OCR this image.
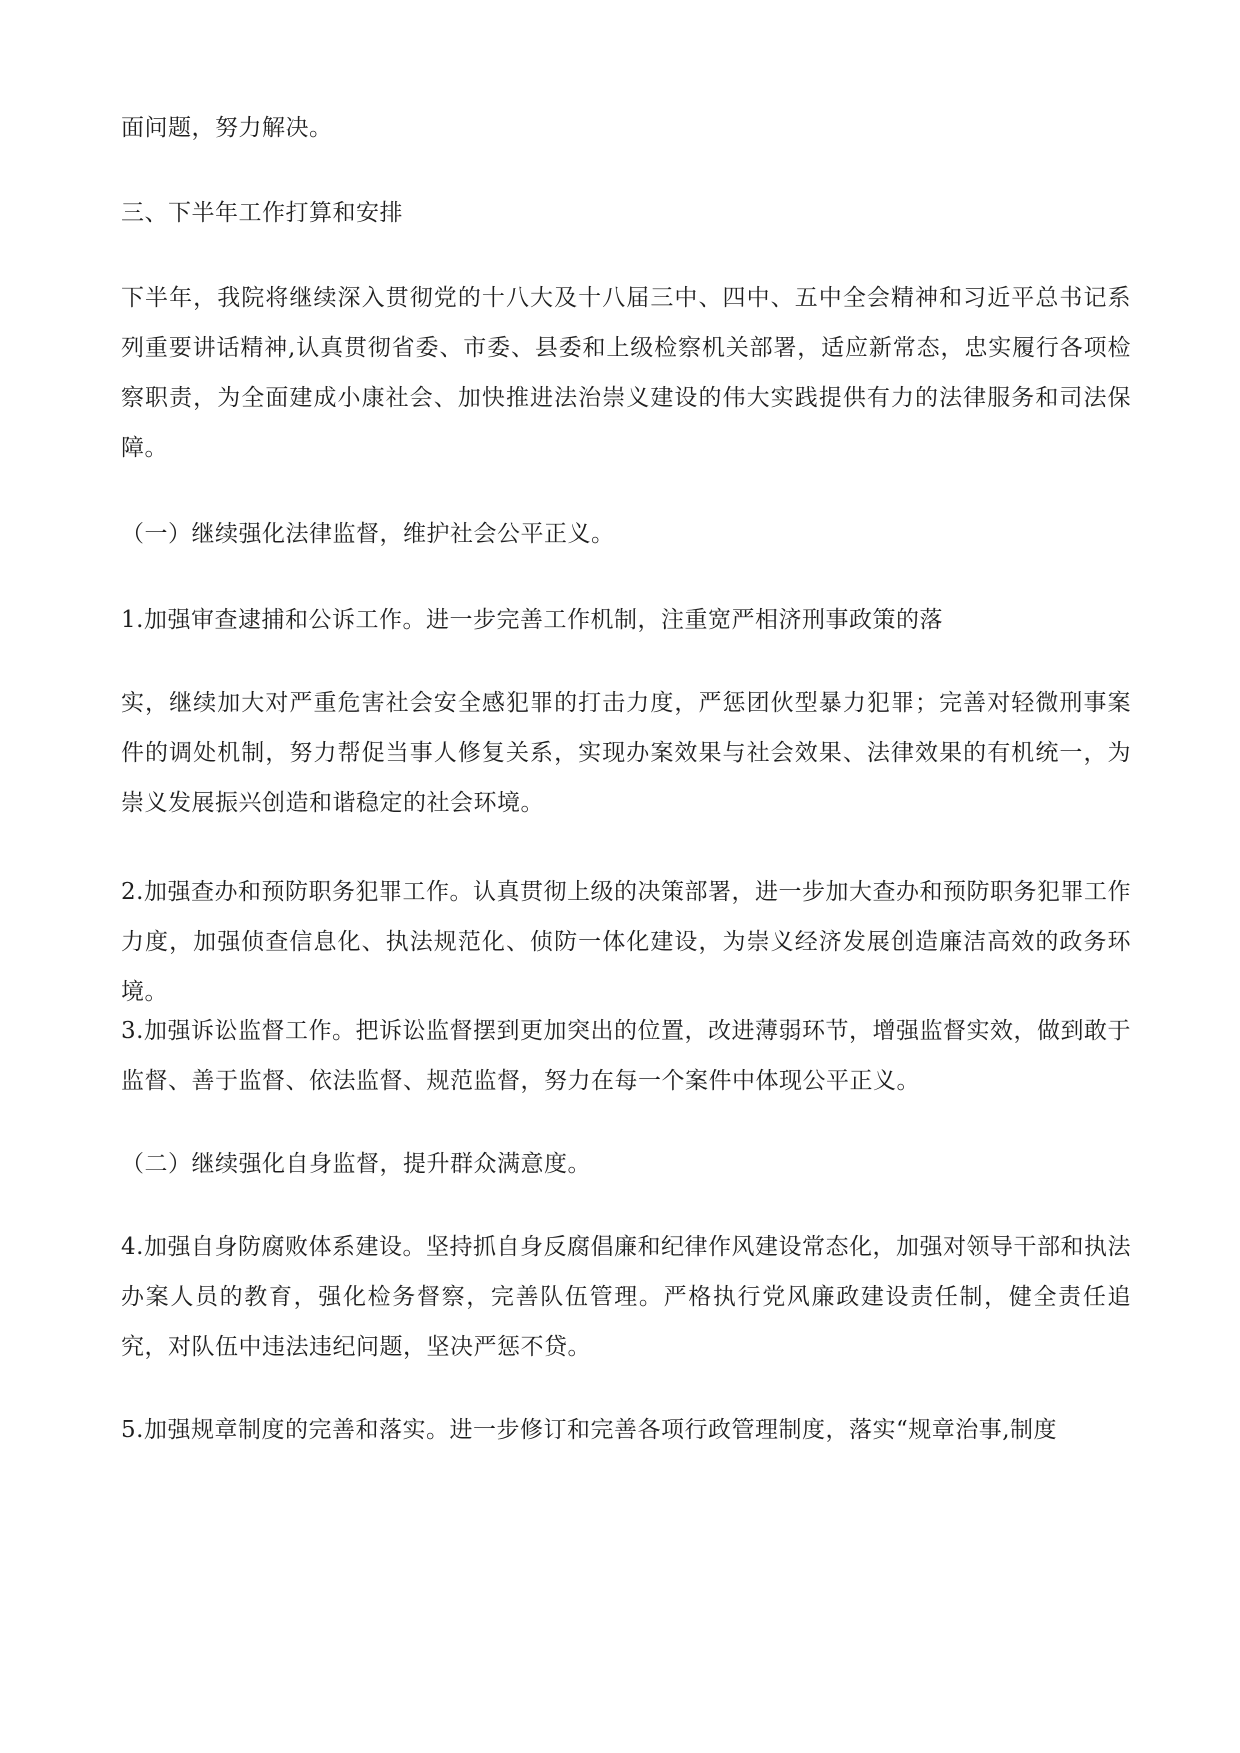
面问题，努力解决。

三、下半年工作打算和安排

下半年，我院将继续深入贯彻党的十八大及十八届三中、四中、五中全会精神和习近平总书记系列重要讲话精神,认真贯彻省委、市委、县委和上级检察机关部署，适应新常态，忠实履行各项检察职责，为全面建成小康社会、加快推进法治崇义建设的伟大实践提供有力的法律服务和司法保障。

（一）继续强化法律监督，维护社会公平正义。

1.加强审查逮捕和公诉工作。进一步完善工作机制，注重宽严相济刑事政策的落

实，继续加大对严重危害社会安全感犯罪的打击力度，严惩团伙型暴力犯罪；完善对轻微刑事案件的调处机制，努力帮促当事人修复关系，实现办案效果与社会效果、法律效果的有机统一，为崇义发展振兴创造和谐稳定的社会环境。

2.加强查办和预防职务犯罪工作。认真贯彻上级的决策部署，进一步加大查办和预防职务犯罪工作力度，加强侦查信息化、执法规范化、侦防一体化建设，为崇义经济发展创造廉洁高效的政务环境。

3.加强诉讼监督工作。把诉讼监督摆到更加突出的位置，改进薄弱环节，增强监督实效，做到敢于监督、善于监督、依法监督、规范监督，努力在每一个案件中体现公平正义。

（二）继续强化自身监督，提升群众满意度。

4.加强自身防腐败体系建设。坚持抓自身反腐倡廉和纪律作风建设常态化，加强对领导干部和执法办案人员的教育，强化检务督察，完善队伍管理。严格执行党风廉政建设责任制，健全责任追究，对队伍中违法违纪问题，坚决严惩不贷。

5.加强规章制度的完善和落实。进一步修订和完善各项行政管理制度，落实“规章治事,制度
